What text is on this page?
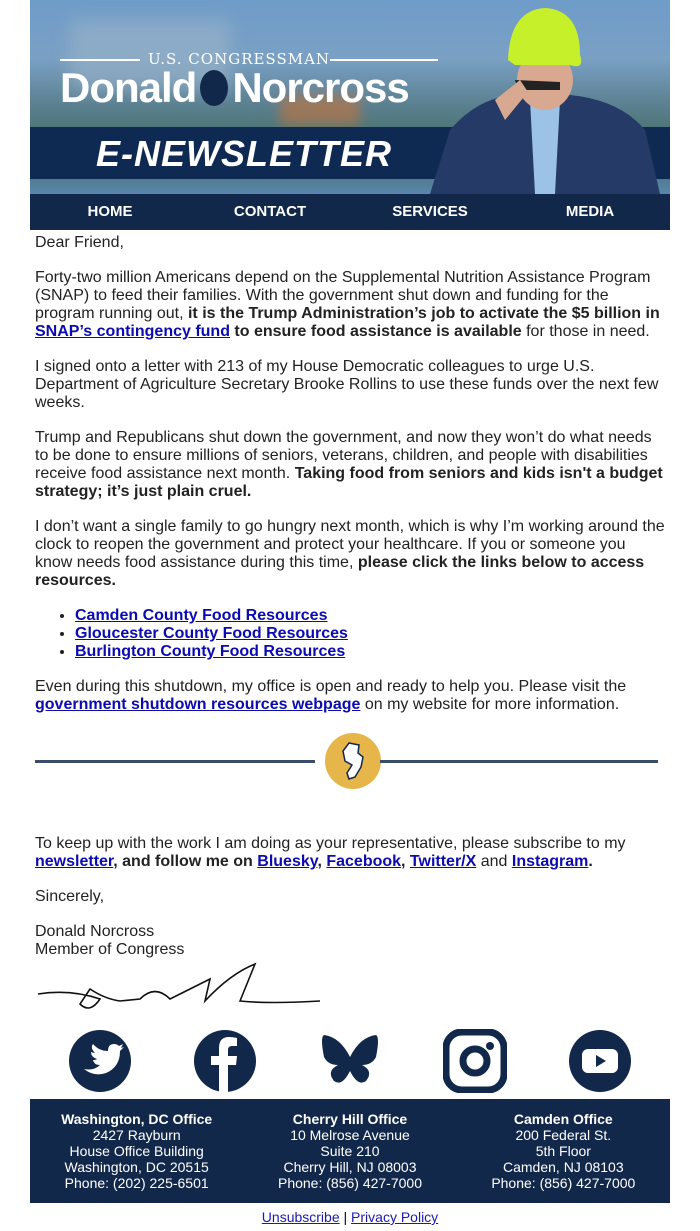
U.S. CONGRESSMAN
Donald Norcross
E-NEWSLETTER
HOME	CONTACT	SERVICES	MEDIA

Dear Friend,

Forty-two million Americans depend on the Supplemental Nutrition Assistance Program (SNAP) to feed their families. With the government shut down and funding for the program running out, it is the Trump Administration’s job to activate the $5 billion in SNAP’s contingency fund to ensure food assistance is available for those in need.

I signed onto a letter with 213 of my House Democratic colleagues to urge U.S. Department of Agriculture Secretary Brooke Rollins to use these funds over the next few weeks.

Trump and Republicans shut down the government, and now they won’t do what needs to be done to ensure millions of seniors, veterans, children, and people with disabilities receive food assistance next month. Taking food from seniors and kids isn't a budget strategy; it’s just plain cruel.

I don’t want a single family to go hungry next month, which is why I’m working around the clock to reopen the government and protect your healthcare. If you or someone you know needs food assistance during this time, please click the links below to access resources.

• Camden County Food Resources
• Gloucester County Food Resources
• Burlington County Food Resources

Even during this shutdown, my office is open and ready to help you. Please visit the government shutdown resources webpage on my website for more information.

To keep up with the work I am doing as your representative, please subscribe to my newsletter, and follow me on Bluesky, Facebook, Twitter/X and Instagram.

Sincerely,

Donald Norcross
Member of Congress

Washington, DC Office
2427 Rayburn
House Office Building
Washington, DC 20515
Phone: (202) 225-6501
Cherry Hill Office
10 Melrose Avenue
Suite 210
Cherry Hill, NJ 08003
Phone: (856) 427-7000
Camden Office
200 Federal St.
5th Floor
Camden, NJ 08103
Phone: (856) 427-7000
Unsubscribe | Privacy Policy
